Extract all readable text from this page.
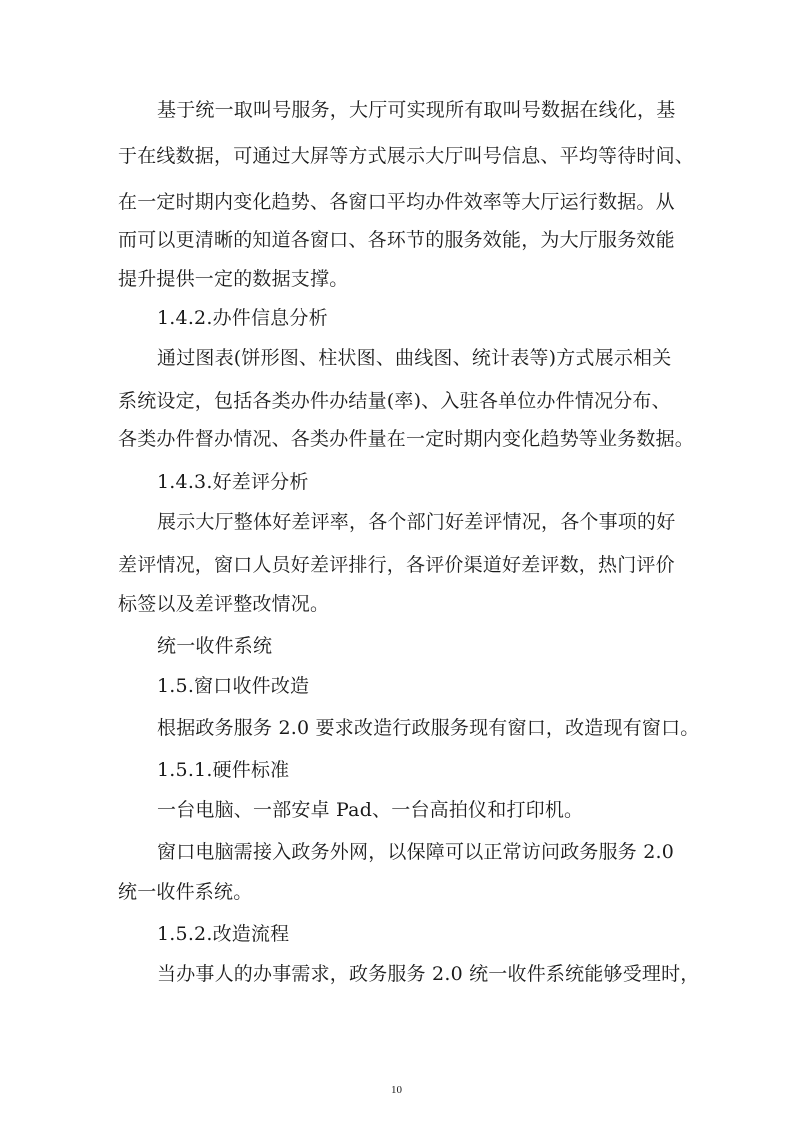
基于统一取叫号服务，大厅可实现所有取叫号数据在线化，基
于在线数据，可通过大屏等方式展示大厅叫号信息、平均等待时间、
在一定时期内变化趋势、各窗口平均办件效率等大厅运行数据。从
而可以更清晰的知道各窗口、各环节的服务效能，为大厅服务效能
提升提供一定的数据支撑。
1.4.2.办件信息分析
通过图表(饼形图、柱状图、曲线图、统计表等)方式展示相关
系统设定，包括各类办件办结量(率)、入驻各单位办件情况分布、
各类办件督办情况、各类办件量在一定时期内变化趋势等业务数据。
1.4.3.好差评分析
展示大厅整体好差评率，各个部门好差评情况，各个事项的好
差评情况，窗口人员好差评排行，各评价渠道好差评数，热门评价
标签以及差评整改情况。
统一收件系统
1.5.窗口收件改造
根据政务服务 2.0 要求改造行政服务现有窗口，改造现有窗口。
1.5.1.硬件标准
一台电脑、一部安卓 Pad、一台高拍仪和打印机。
窗口电脑需接入政务外网，以保障可以正常访问政务服务 2.0
统一收件系统。
1.5.2.改造流程
当办事人的办事需求，政务服务 2.0 统一收件系统能够受理时，
10
